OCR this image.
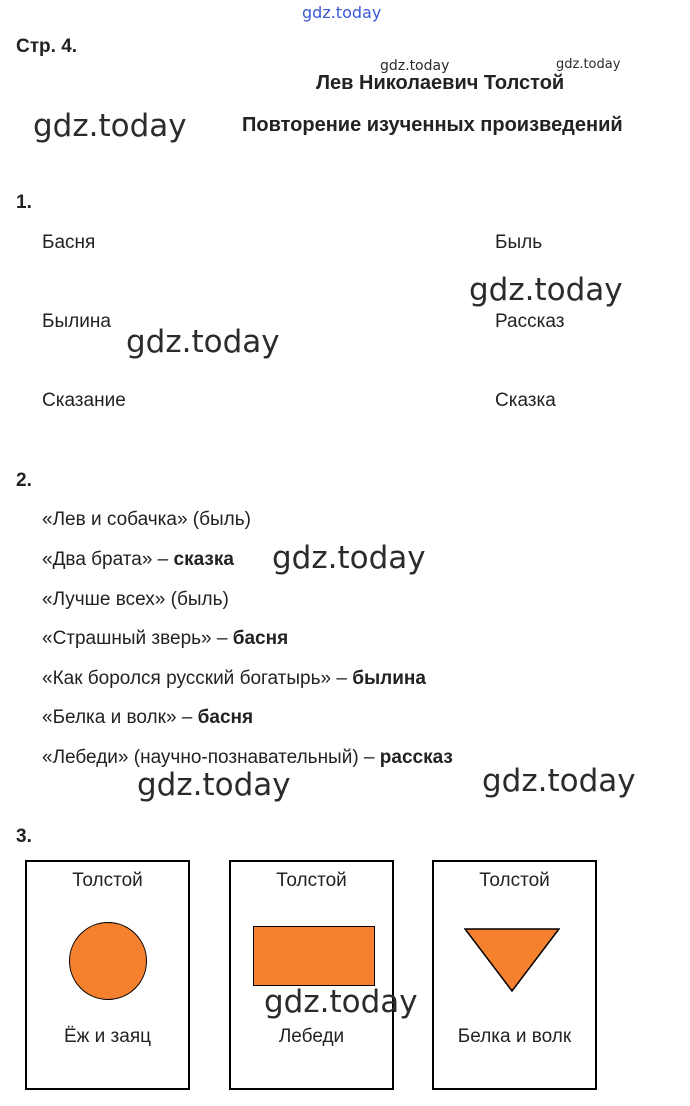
gdz.today
Стр. 4.
gdz.today	gdz.today
Лев Николаевич Толстой
gdz.today	Повторение изученных произведений
1.
Басня	Быль
gdz.today
Былина	Рассказ
gdz.today
Сказание	Сказка
2.
«Лев и собачка» (быль)
«Два брата» – сказка gdz.today
«Лучше всех» (быль)
«Страшный зверь» – басня
«Как боролся русский богатырь» – былина
«Белка и волк» – басня
«Лебеди» (научно-познавательный) – рассказ
gdz.today	gdz.today
3.
Толстой
Ёж и заяц
Толстой
Лебеди
Толстой
Белка и волк
gdz.today
